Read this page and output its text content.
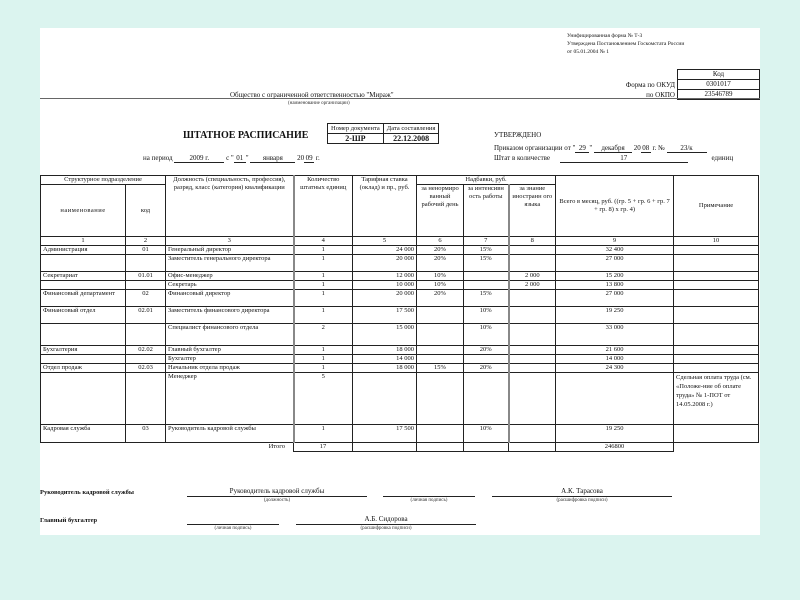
Унифицированная форма № Т-3
Утверждена Постановлением Госкомстата России
от 05.01.2004 № 1
Код
0301017
23546789
Форма по ОКУД
по ОКПО
Общество с ограниченной ответственностью "Мираж"
(наименование организации)
ШТАТНОЕ РАСПИСАНИЕ
Номер документа	Дата составления
2-ШР	22.12.2008
на период 2009 г. с " 01 " января 20 09 г.
УТВЕРЖДЕНО
Приказом организации от " 29 " декабря 20 08 г. № 23/к
Штат в количестве	17	единиц
Структурное подразделение		Должность (специальность, профессия), разряд, класс (категория) квалификации	Количество штатных единиц	Тарифная ставка (оклад) и пр., руб.	Надбавки, руб.			Всего в месяц, руб. ((гр. 5 + гр. 6 + гр. 7 + гр. 8) х гр. 4)	Примечание
наименование	код				за ненормиро ванный рабочий день	за интенсивн ость работы	за знание иностранн ого языка		
1	2	3	4	5	6	7	8	9	10
Администрация	01	Генеральный директор	1	24 000	20%	15%		32 400	
		Заместитель генерального директора	1	20 000	20%	15%		27 000	
Секретариат	01.01	Офис-менеджер	1	12 000	10%		2 000	15 200	
		Секретарь	1	10 000	10%		2 000	13 800	
Финансовый департамент	02	Финансовый директор	1	20 000	20%	15%		27 000	
Финансовый отдел	02.01	Заместитель финансового директора	1	17 500		10%		19 250	
		Специалист финансового отдела	2	15 000		10%		33 000	
Бухгалтерия	02.02	Главный бухгалтер	1	18 000		20%		21 600	
		Бухгалтер	1	14 000				14 000	
Отдел продаж	02.03	Начальник отдела продаж	1	18 000	15%	20%		24 300	
		Менеджер	5						Сдельная оплата труда (см. «Положе-ние об оплате труда» № 1-ПОТ от 14.05.2008 г.)
Кадровая служба	03	Руководитель кадровой службы	1	17 500		10%		19 250	
Итого			17					246800	
Руководитель кадровой службы	Руководитель кадровой службы
(должность)	(личная подпись)
А.К. Тарасова
(расшифровка подписи)
Главный бухгалтер
(личная подпись)
А.Б. Сидорова
(расшифровка подписи)
